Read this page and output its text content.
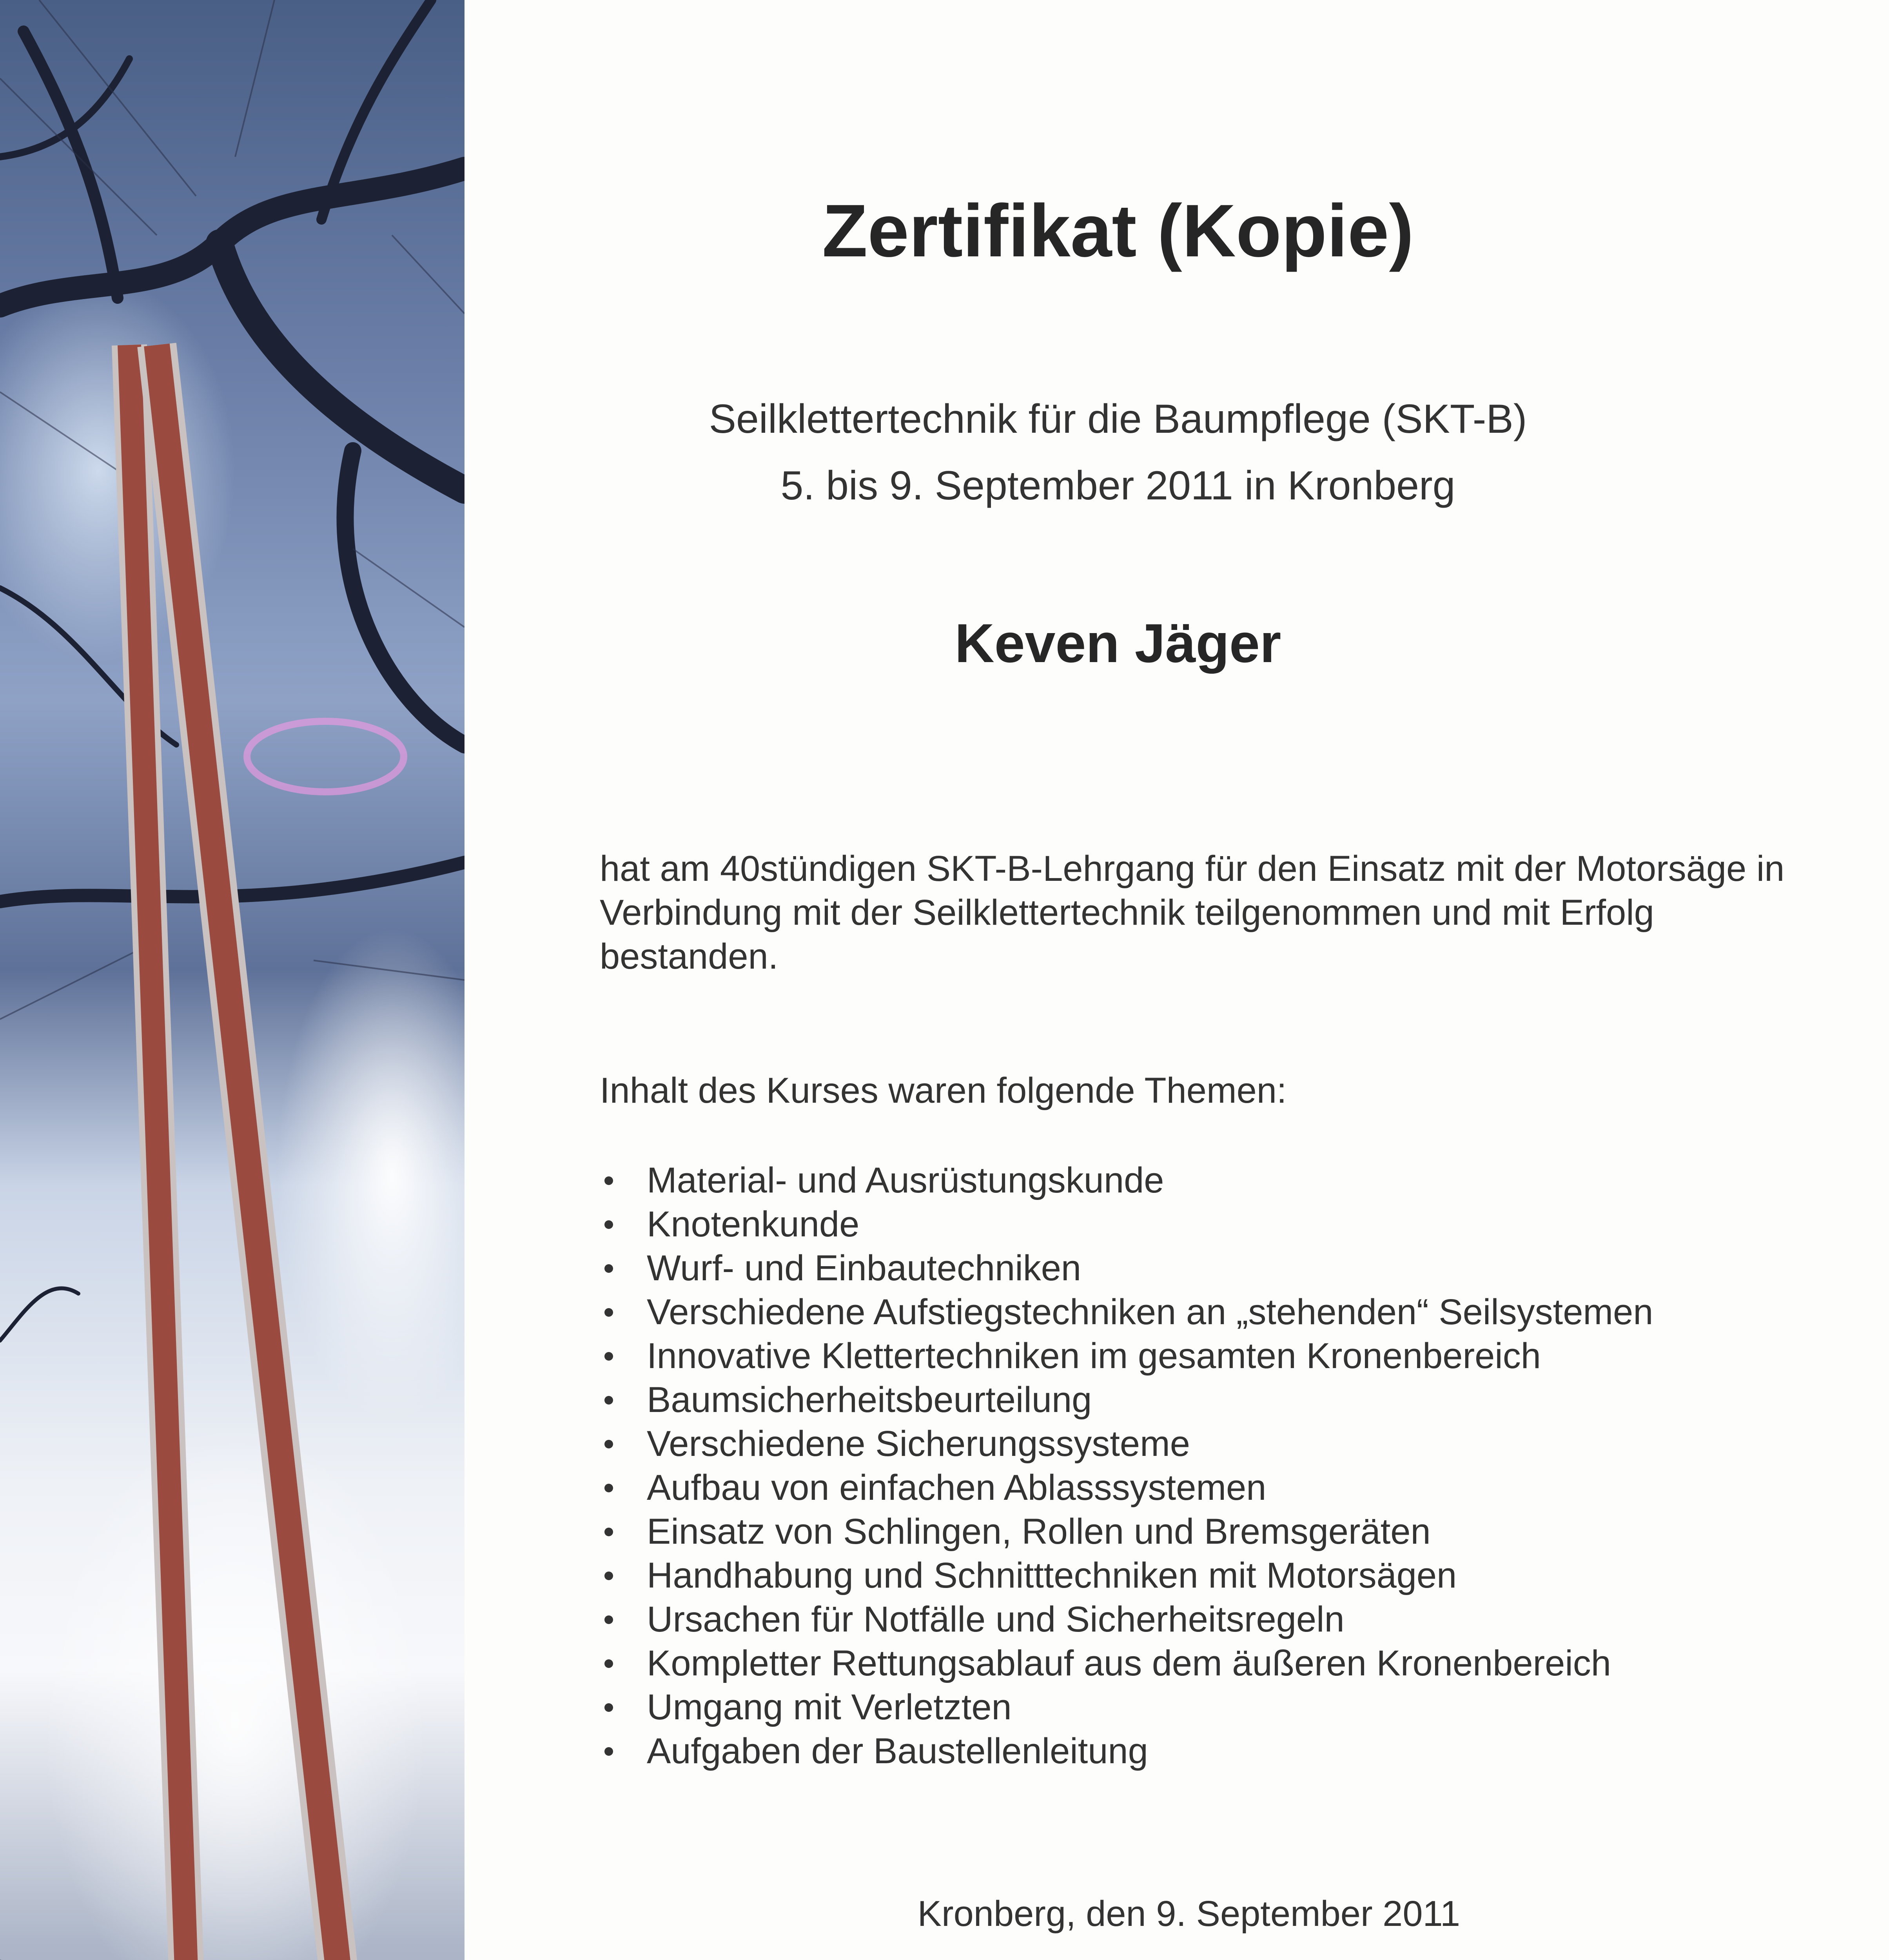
Zertifikat (Kopie)

Seilklettertechnik für die Baumpflege (SKT-B)

5. bis 9. September 2011 in Kronberg

Keven Jäger

hat am 40stündigen SKT-B-Lehrgang für den Einsatz mit der Motorsäge in Verbindung mit der Seilklettertechnik teilgenommen und mit Erfolg bestanden.

Inhalt des Kurses waren folgende Themen:

Material- und Ausrüstungskunde
Knotenkunde
Wurf- und Einbautechniken
Verschiedene Aufstiegstechniken an „stehenden“ Seilsystemen
Innovative Klettertechniken im gesamten Kronenbereich
Baumsicherheitsbeurteilung
Verschiedene Sicherungssysteme
Aufbau von einfachen Ablasssystemen
Einsatz von Schlingen, Rollen und Bremsgeräten
Handhabung und Schnitttechniken mit Motorsägen
Ursachen für Notfälle und Sicherheitsregeln
Kompletter Rettungsablauf aus dem äußeren Kronenbereich
Umgang mit Verletzten
Aufgaben der Baustellenleitung

Kronberg, den 9. September 2011
